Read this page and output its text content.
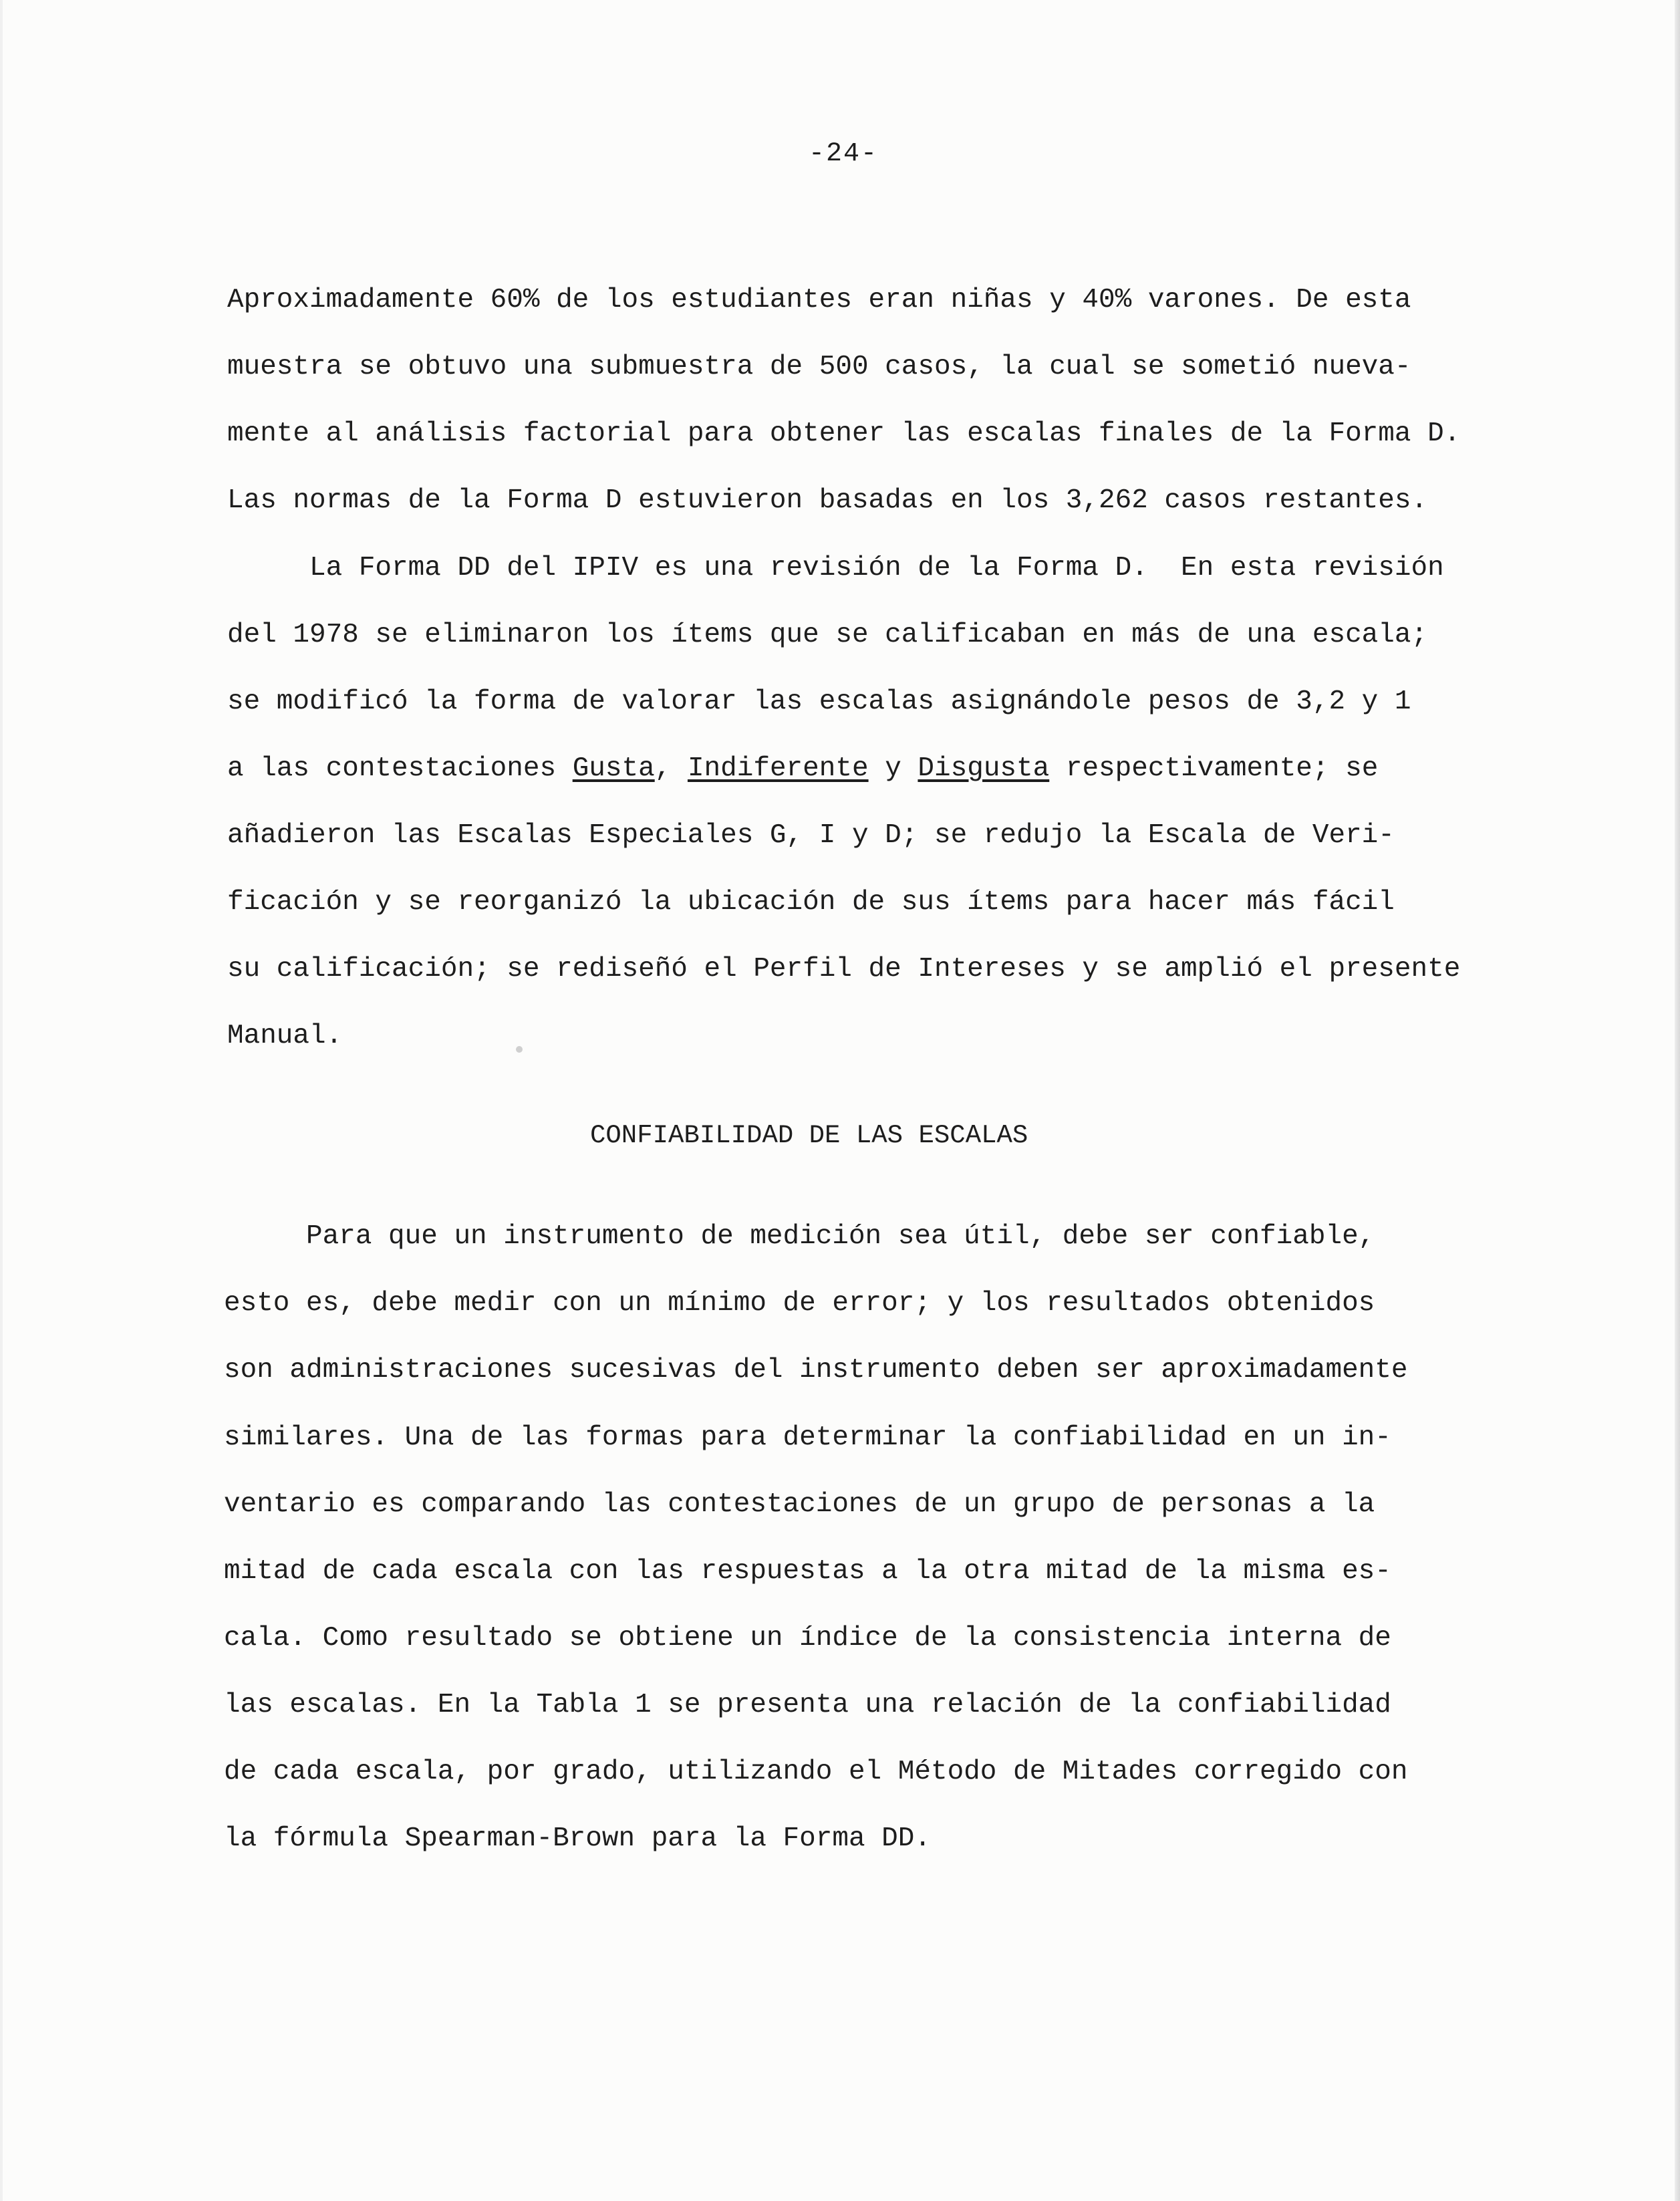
-24-
Aproximadamente 60% de los estudiantes eran niñas y 40% varones. De esta
muestra se obtuvo una submuestra de 500 casos, la cual se sometió nueva-
mente al análisis factorial para obtener las escalas finales de la Forma D.
Las normas de la Forma D estuvieron basadas en los 3,262 casos restantes.
La Forma DD del IPIV es una revisión de la Forma D.  En esta revisión
del 1978 se eliminaron los ítems que se calificaban en más de una escala;
se modificó la forma de valorar las escalas asignándole pesos de 3,2 y 1
a las contestaciones Gusta, Indiferente y Disgusta respectivamente; se
añadieron las Escalas Especiales G, I y D; se redujo la Escala de Veri-
ficación y se reorganizó la ubicación de sus ítems para hacer más fácil
su calificación; se rediseñó el Perfil de Intereses y se amplió el presente
Manual.
CONFIABILIDAD DE LAS ESCALAS
Para que un instrumento de medición sea útil, debe ser confiable,
esto es, debe medir con un mínimo de error; y los resultados obtenidos
son administraciones sucesivas del instrumento deben ser aproximadamente
similares. Una de las formas para determinar la confiabilidad en un in-
ventario es comparando las contestaciones de un grupo de personas a la
mitad de cada escala con las respuestas a la otra mitad de la misma es-
cala. Como resultado se obtiene un índice de la consistencia interna de
las escalas. En la Tabla 1 se presenta una relación de la confiabilidad
de cada escala, por grado, utilizando el Método de Mitades corregido con
la fórmula Spearman-Brown para la Forma DD.
